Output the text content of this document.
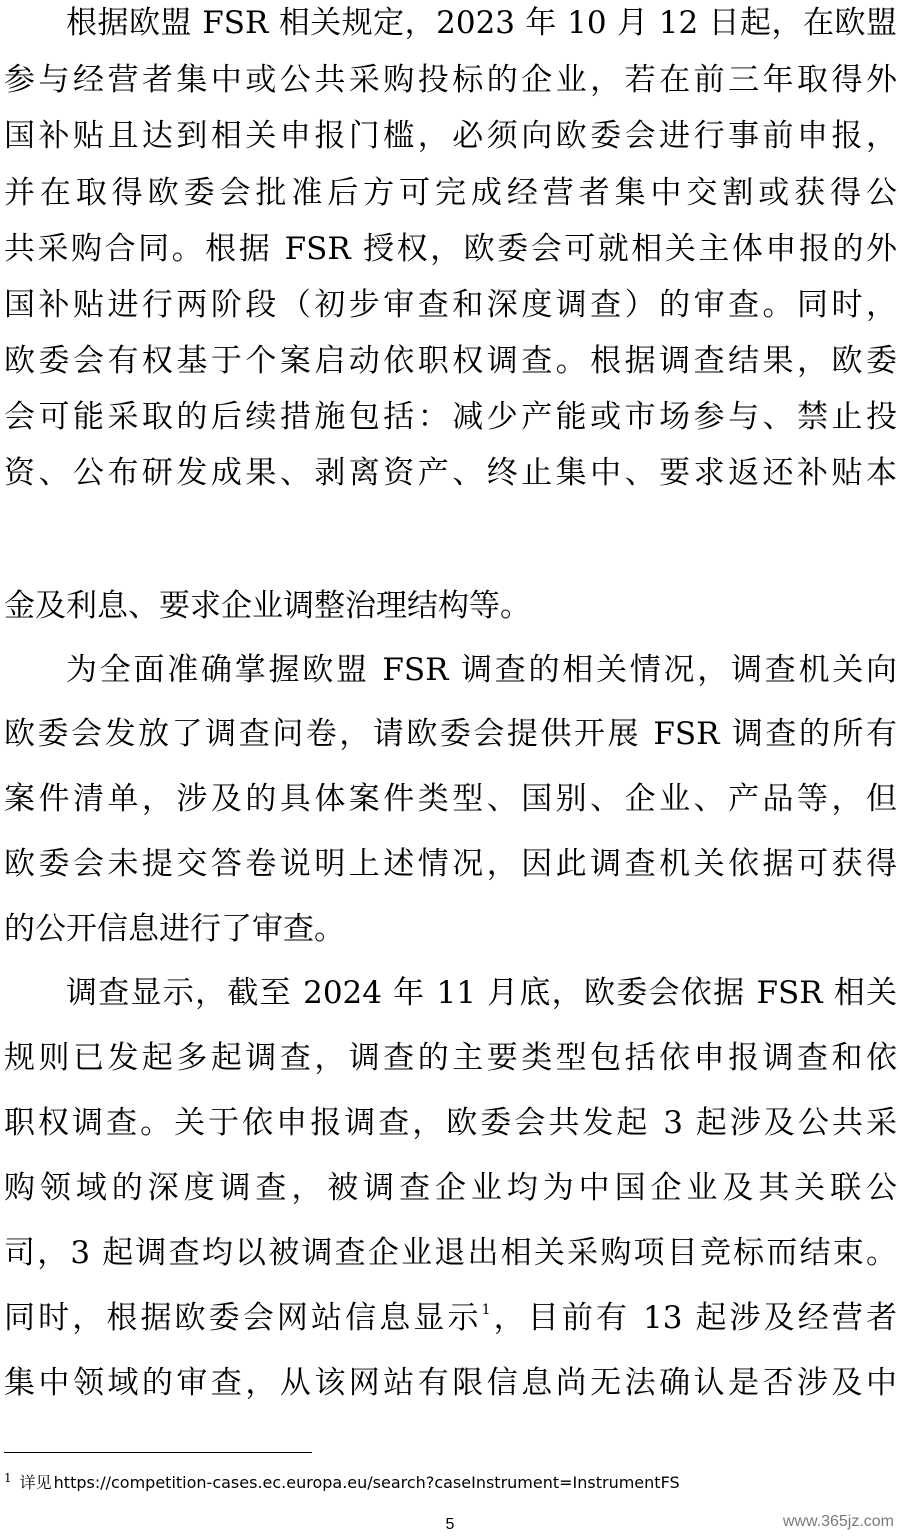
根据欧盟 FSR 相关规定，2023 年 10 月 12 日起，在欧盟
参与经营者集中或公共采购投标的企业，若在前三年取得外
国补贴且达到相关申报门槛，必须向欧委会进行事前申报，
并在取得欧委会批准后方可完成经营者集中交割或获得公
共采购合同。根据 FSR 授权，欧委会可就相关主体申报的外
国补贴进行两阶段（初步审查和深度调查）的审查。同时，
欧委会有权基于个案启动依职权调查。根据调查结果，欧委
会可能采取的后续措施包括：减少产能或市场参与、禁止投
资、公布研发成果、剥离资产、终止集中、要求返还补贴本
金及利息、要求企业调整治理结构等。
为全面准确掌握欧盟 FSR 调查的相关情况，调查机关向
欧委会发放了调查问卷，请欧委会提供开展 FSR 调查的所有
案件清单，涉及的具体案件类型、国别、企业、产品等，但
欧委会未提交答卷说明上述情况，因此调查机关依据可获得
的公开信息进行了审查。
调查显示，截至 2024 年 11 月底，欧委会依据 FSR 相关
规则已发起多起调查，调查的主要类型包括依申报调查和依
职权调查。关于依申报调查，欧委会共发起 3 起涉及公共采
购领域的深度调查，被调查企业均为中国企业及其关联公
司，3 起调查均以被调查企业退出相关采购项目竞标而结束。
同时，根据欧委会网站信息显示$^1$，目前有 13 起涉及经营者
集中领域的审查，从该网站有限信息尚无法确认是否涉及中
$^1$ 详见 https://competition-cases.ec.europa.eu/search?caseInstrument=InstrumentFS
5	www.365jz.com
